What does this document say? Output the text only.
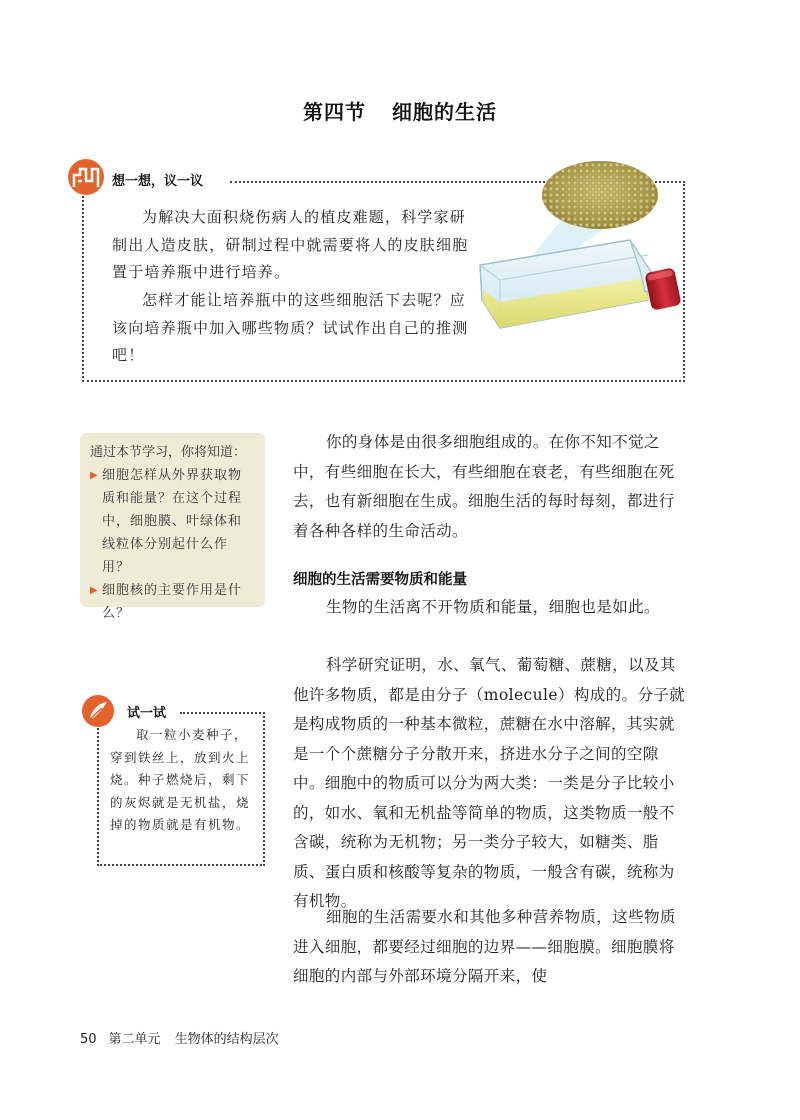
第四节 细胞的生活
想一想，议一议

为解决大面积烧伤病人的植皮难题，科学家研制出人造皮肤，研制过程中就需要将人的皮肤细胞置于培养瓶中进行培养。

怎样才能让培养瓶中的这些细胞活下去呢？应该向培养瓶中加入哪些物质？试试作出自己的推测吧！

通过本节学习，你将知道：
▶ 细胞怎样从外界获取物质和能量？在这个过程中，细胞膜、叶绿体和线粒体分别起什么作用？
▶ 细胞核的主要作用是什么？
试一试

取一粒小麦种子，穿到铁丝上，放到火上烧。种子燃烧后，剩下的灰烬就是无机盐，烧掉的物质就是有机物。

你的身体是由很多细胞组成的。在你不知不觉之中，有些细胞在长大，有些细胞在衰老，有些细胞在死去，也有新细胞在生成。细胞生活的每时每刻，都进行着各种各样的生命活动。

细胞的生活需要物质和能量

生物的生活离不开物质和能量，细胞也是如此。

科学研究证明，水、氧气、葡萄糖、蔗糖，以及其他许多物质，都是由分子（molecule）构成的。分子就是构成物质的一种基本微粒，蔗糖在水中溶解，其实就是一个个蔗糖分子分散开来，挤进水分子之间的空隙中。细胞中的物质可以分为两大类：一类是分子比较小的，如水、氧和无机盐等简单的物质，这类物质一般不含碳，统称为无机物；另一类分子较大，如糖类、脂质、蛋白质和核酸等复杂的物质，一般含有碳，统称为有机物。

细胞的生活需要水和其他多种营养物质，这些物质进入细胞，都要经过细胞的边界——细胞膜。细胞膜将细胞的内部与外部环境分隔开来，使

50 第二单元 生物体的结构层次
